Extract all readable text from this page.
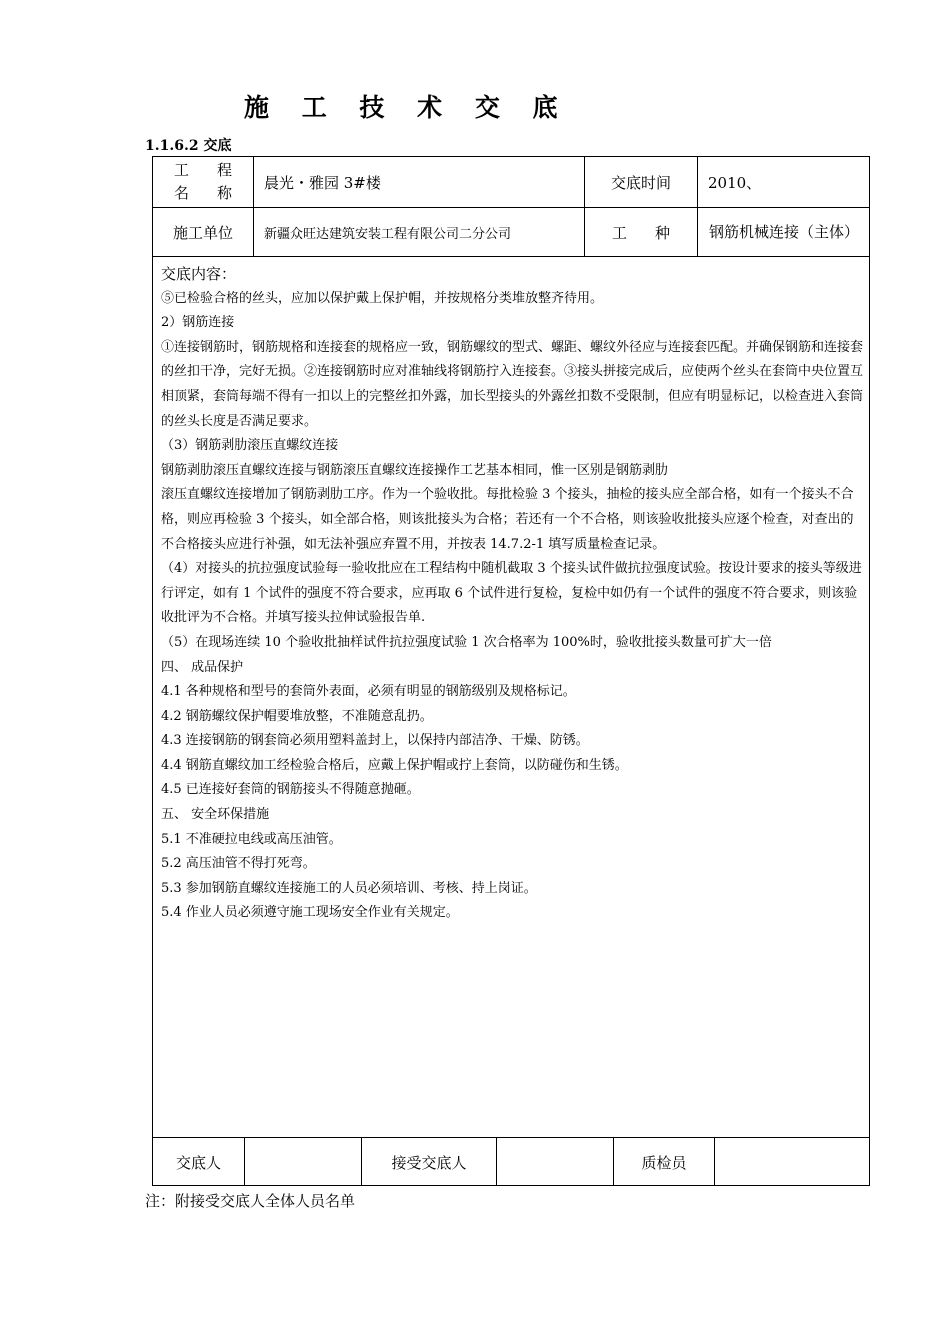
施 工 技 术 交 底
1.1.6.2 交底
工 程
名 称
晨光・雅园 3#楼	交底时间	2010、
施工单位	新疆众旺达建筑安装工程有限公司二分公司	工 种	钢筋机械连接（主体）

交底内容：

⑤已检验合格的丝头，应加以保护戴上保护帽，并按规格分类堆放整齐待用。

2）钢筋连接

①连接钢筋时，钢筋规格和连接套的规格应一致，钢筋螺纹的型式、螺距、螺纹外径应与连接套匹配。并确保钢筋和连接套的丝扣干净，完好无损。②连接钢筋时应对准轴线将钢筋拧入连接套。③接头拼接完成后，应使两个丝头在套筒中央位置互相顶紧，套筒每端不得有一扣以上的完整丝扣外露，加长型接头的外露丝扣数不受限制，但应有明显标记，以检查进入套筒的丝头长度是否满足要求。

（3）钢筋剥肋滚压直螺纹连接

钢筋剥肋滚压直螺纹连接与钢筋滚压直螺纹连接操作工艺基本相同，惟一区别是钢筋剥肋

滚压直螺纹连接增加了钢筋剥肋工序。作为一个验收批。每批检验 3 个接头，抽检的接头应全部合格，如有一个接头不合格，则应再检验 3 个接头，如全部合格，则该批接头为合格；若还有一个不合格，则该验收批接头应逐个检查，对查出的不合格接头应进行补强，如无法补强应弃置不用，并按表 14.7.2-1 填写质量检查记录。

（4）对接头的抗拉强度试验每一验收批应在工程结构中随机截取 3 个接头试件做抗拉强度试验。按设计要求的接头等级进行评定，如有 1 个试件的强度不符合要求，应再取 6 个试件进行复检，复检中如仍有一个试件的强度不符合要求，则该验收批评为不合格。并填写接头拉伸试验报告单.

（5）在现场连续 10 个验收批抽样试件抗拉强度试验 1 次合格率为 100%时，验收批接头数量可扩大一倍

四、 成品保护

4.1 各种规格和型号的套筒外表面，必须有明显的钢筋级别及规格标记。

4.2 钢筋螺纹保护帽要堆放整，不准随意乱扔。

4.3 连接钢筋的钢套筒必须用塑料盖封上，以保持内部洁净、干燥、防锈。

4.4 钢筋直螺纹加工经检验合格后，应戴上保护帽或拧上套筒，以防碰伤和生锈。

4.5 已连接好套筒的钢筋接头不得随意抛砸。

五、 安全环保措施

5.1 不准硬拉电线或高压油管。

5.2 高压油管不得打死弯。

5.3 参加钢筋直螺纹连接施工的人员必须培训、考核、持上岗证。

5.4 作业人员必须遵守施工现场安全作业有关规定。

交底人	接受交底人	质检员
注：附接受交底人全体人员名单
